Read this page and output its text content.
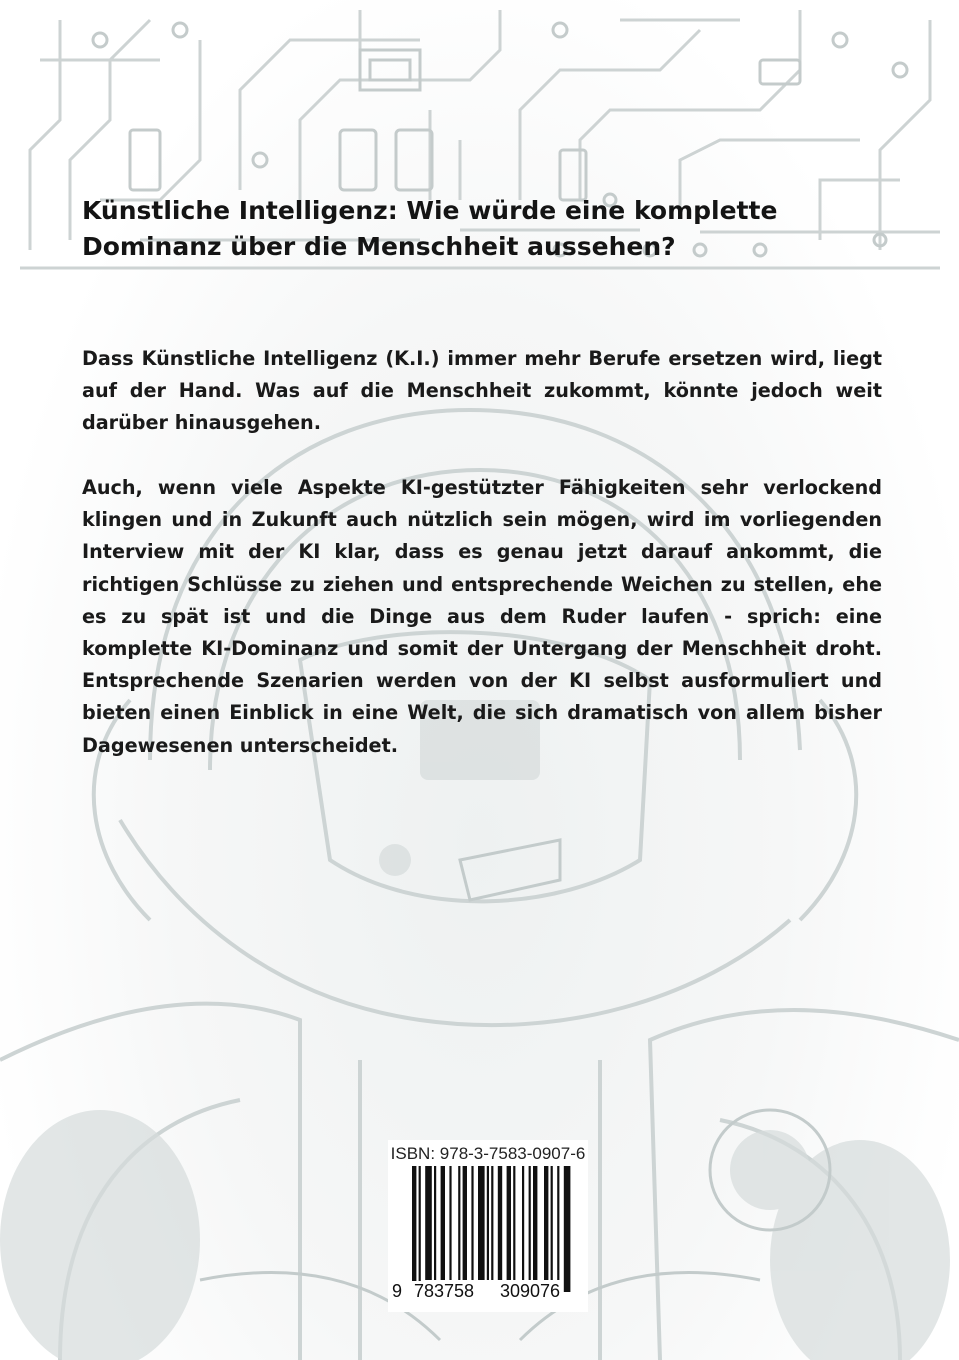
Künstliche Intelligenz: Wie würde eine komplette
Dominanz über die Menschheit aussehen?
Dass Künstliche Intelligenz (K.I.) immer mehr Berufe ersetzen wird, liegt auf der Hand. Was auf die Menschheit zukommt, könnte jedoch weit darüber hinausgehen.
Auch, wenn viele Aspekte KI-gestützter Fähigkeiten sehr verlockend klingen und in Zukunft auch nützlich sein mögen, wird im vorliegenden Interview mit der KI klar, dass es genau jetzt darauf ankommt, die richtigen Schlüsse zu ziehen und entsprechende Weichen zu stellen, ehe es zu spät ist und die Dinge aus dem Ruder laufen - sprich: eine komplette KI-Dominanz und somit der Untergang der Menschheit droht. Entsprechende Szenarien werden von der KI selbst ausformuliert und bieten einen Einblick in eine Welt, die sich dramatisch von allem bisher Dagewesenen unterscheidet.
ISBN: 978-3-7583-0907-6
9 783758 309076
